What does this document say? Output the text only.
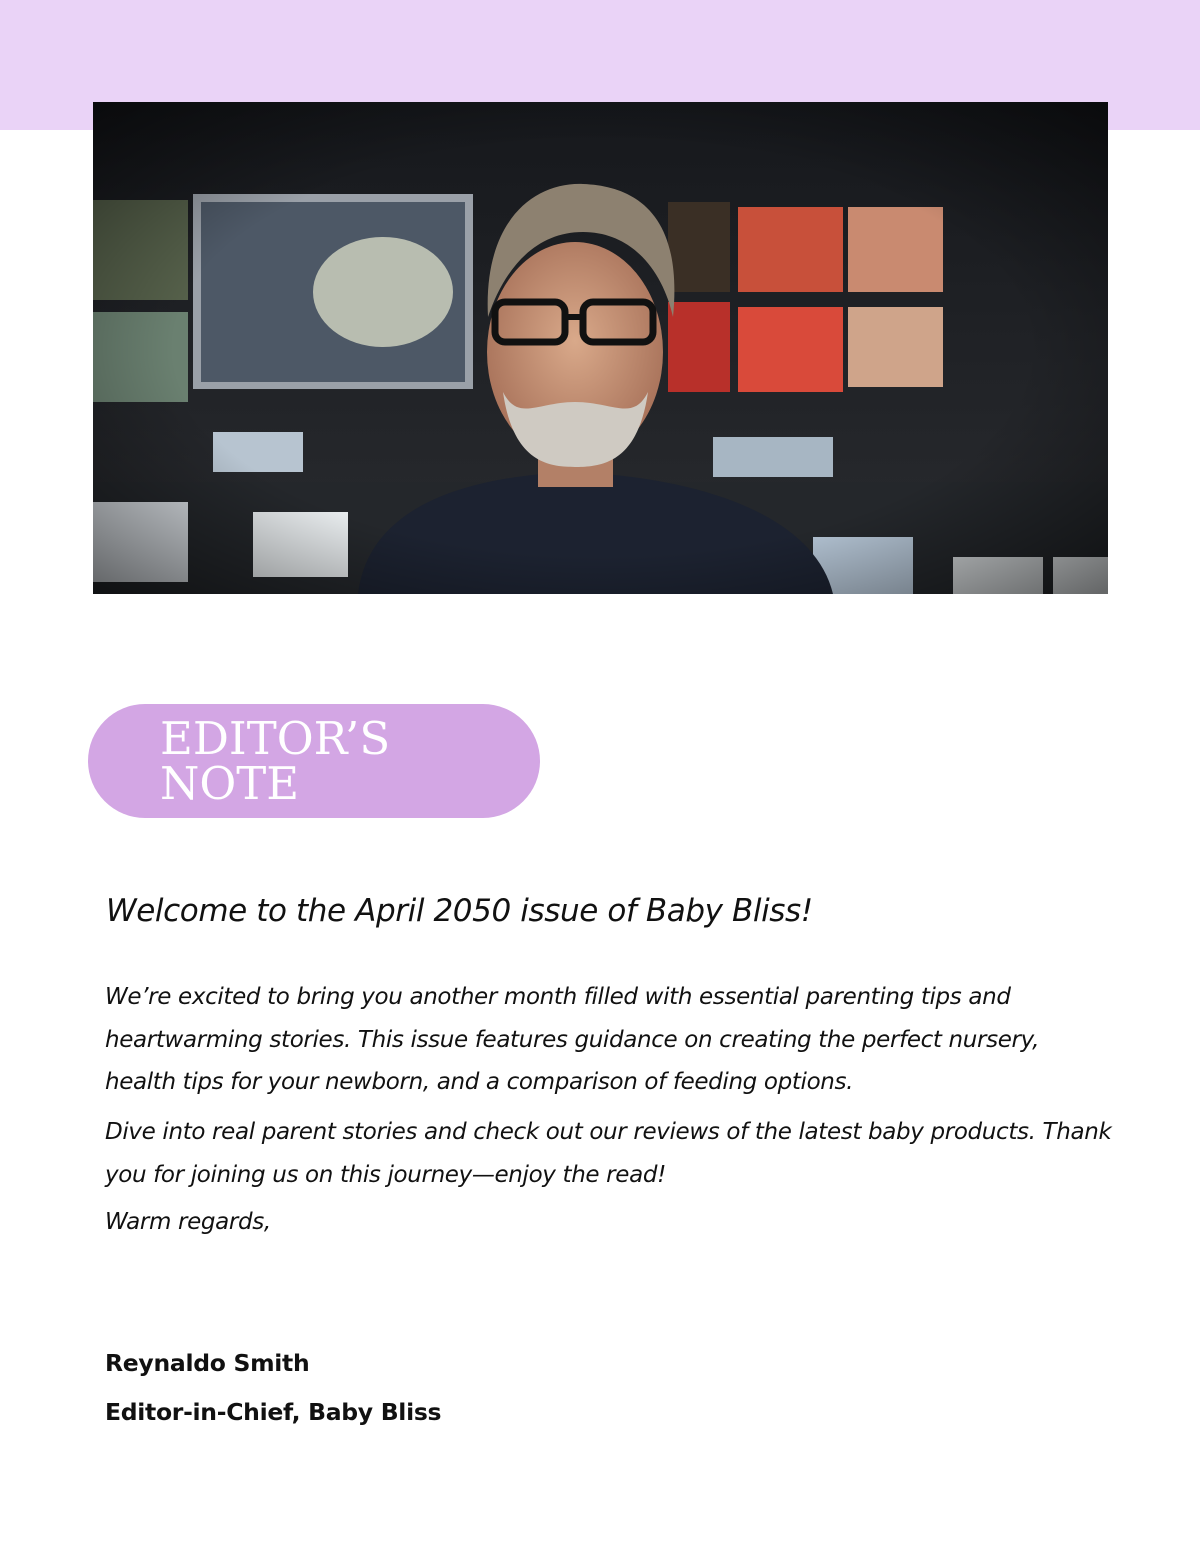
EDITOR’S NOTE
Welcome to the April 2050 issue of Baby Bliss!

We’re excited to bring you another month filled with essential parenting tips and heartwarming stories. This issue features guidance on creating the perfect nursery, health tips for your newborn, and a comparison of feeding options.

Dive into real parent stories and check out our reviews of the latest baby products. Thank you for joining us on this journey—enjoy the read!

Warm regards,

Reynaldo Smith
Editor-in-Chief, Baby Bliss
